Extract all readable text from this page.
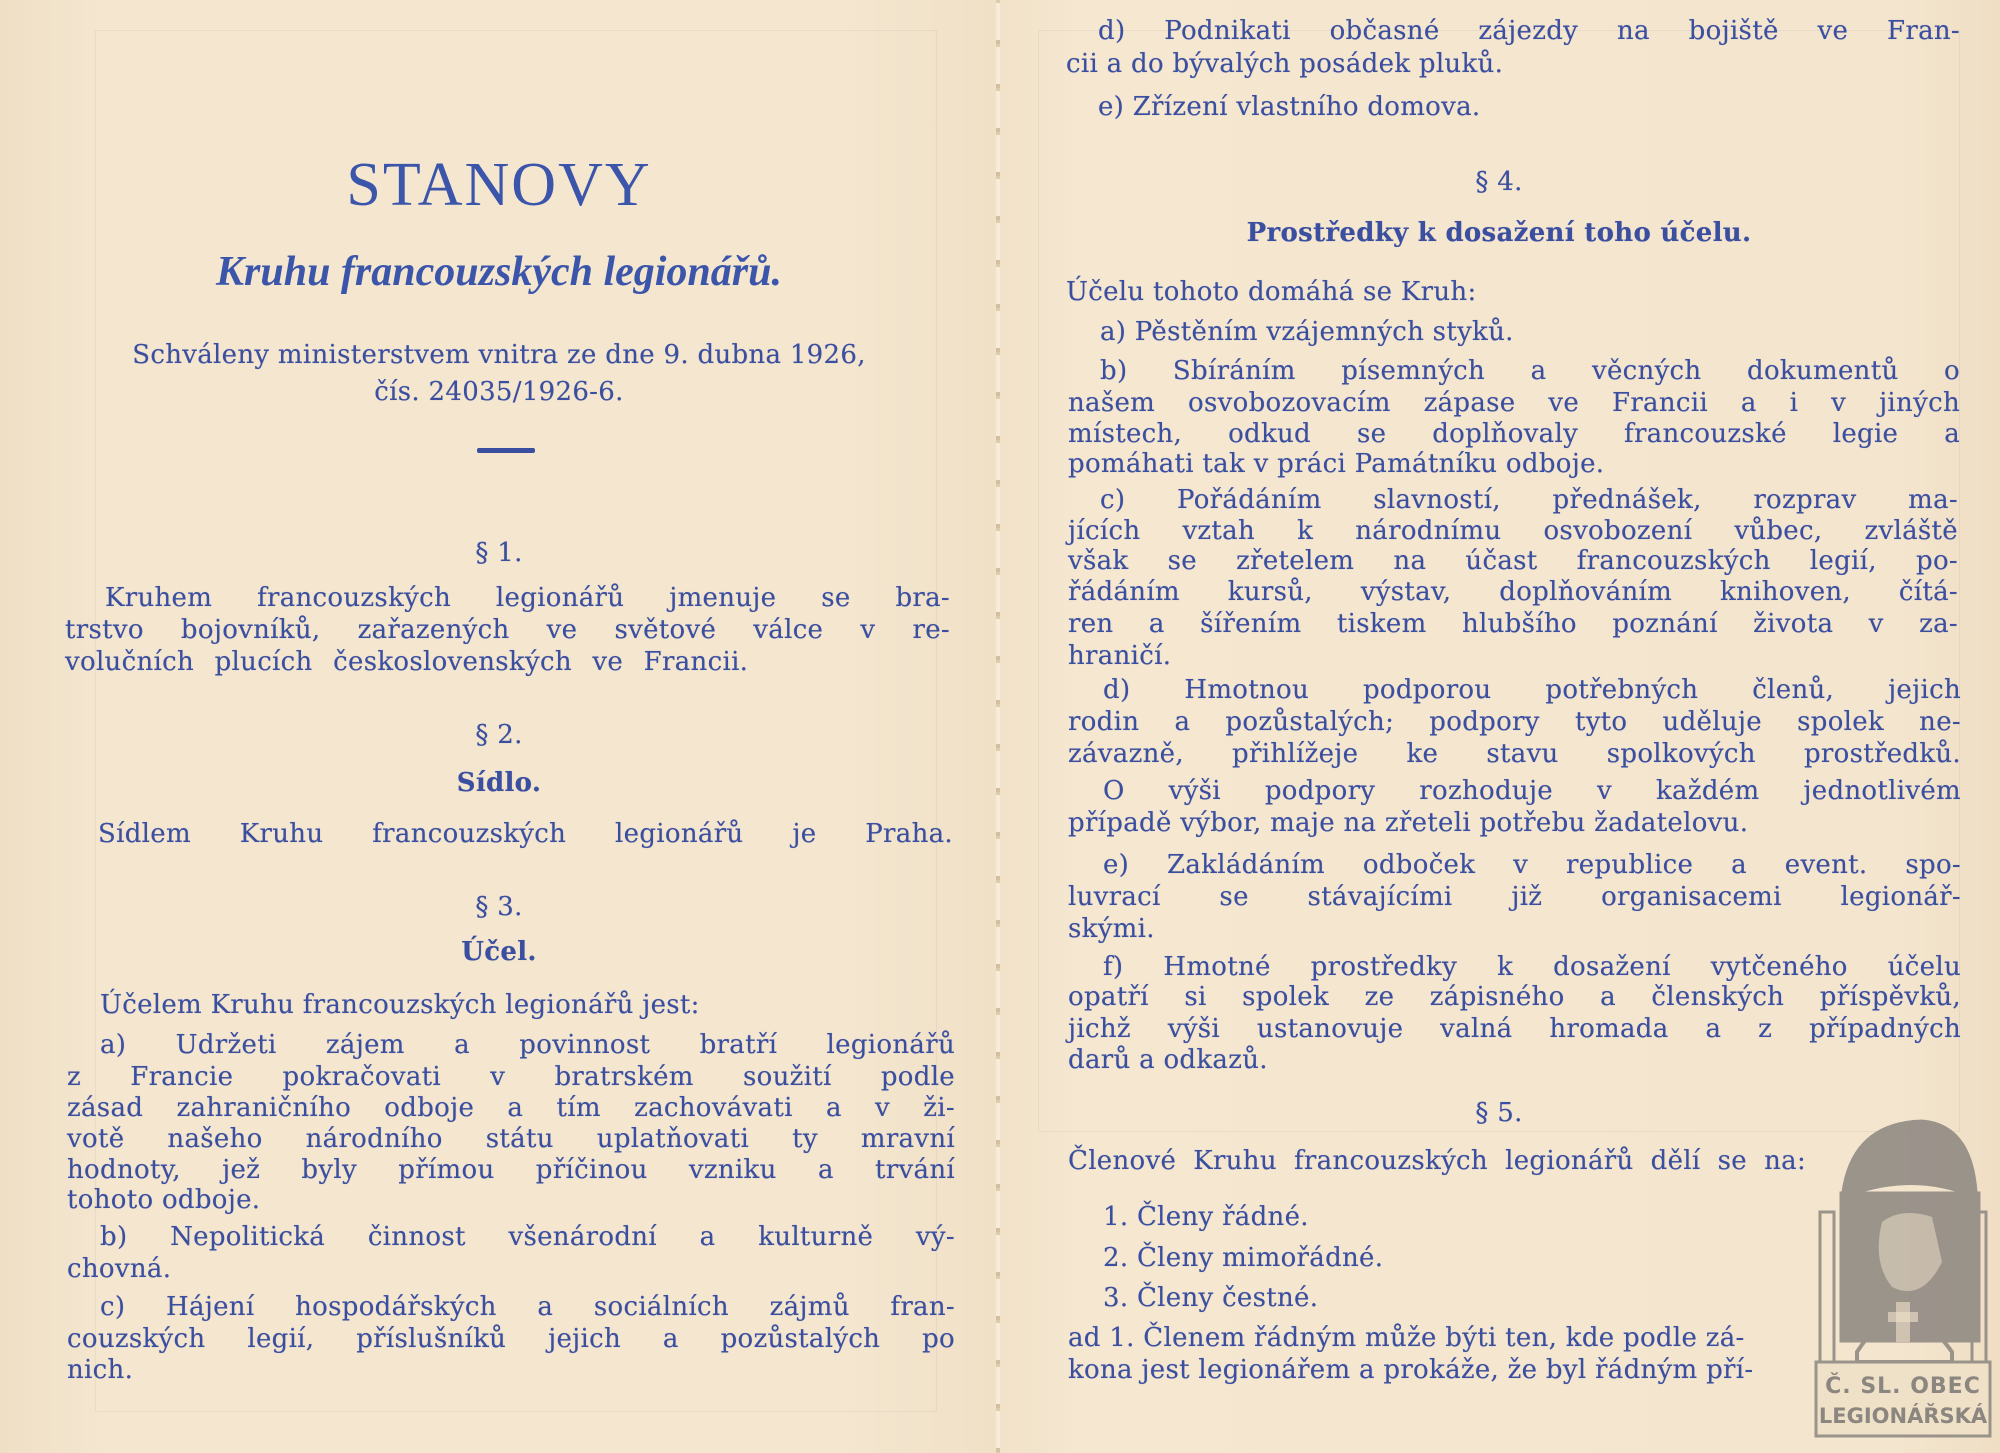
STANOVY
Kruhu francouzských legionářů.
Schváleny ministerstvem vnitra ze dne 9. dubna 1926,
čís. 24035/1926-6.
§ 1.
Kruhem francouzských legionářů jmenuje se bra-
trstvo bojovníků, zařazených ve světové válce v re-
volučních plucích československých ve Francii.
§ 2.
Sídlo.
Sídlem Kruhu francouzských legionářů je Praha.
§ 3.
Účel.
Účelem Kruhu francouzských legionářů jest:
a) Udržeti zájem a povinnost bratří legionářů
z Francie pokračovati v bratrském soužití podle
zásad zahraničního odboje a tím zachovávati a v ži-
votě našeho národního státu uplatňovati ty mravní
hodnoty, jež byly přímou příčinou vzniku a trvání
tohoto odboje.
b) Nepolitická činnost všenárodní a kulturně vý-
chovná.
c) Hájení hospodářských a sociálních zájmů fran-
couzských legií, příslušníků jejich a pozůstalých po
nich.
d) Podnikati občasné zájezdy na bojiště ve Fran-
cii a do bývalých posádek pluků.
e) Zřízení vlastního domova.
§ 4.
Prostředky k dosažení toho účelu.
Účelu tohoto domáhá se Kruh:
a) Pěstěním vzájemných styků.
b) Sbíráním písemných a věcných dokumentů o
našem osvobozovacím zápase ve Francii a i v jiných
místech, odkud se doplňovaly francouzské legie a
pomáhati tak v práci Památníku odboje.
c) Pořádáním slavností, přednášek, rozprav ma-
jících vztah k národnímu osvobození vůbec, zvláště
však se zřetelem na účast francouzských legií, po-
řádáním kursů, výstav, doplňováním knihoven, čítá-
ren a šířením tiskem hlubšího poznání života v za-
hraničí.
d) Hmotnou podporou potřebných členů, jejich
rodin a pozůstalých; podpory tyto uděluje spolek ne-
závazně, přihlížeje ke stavu spolkových prostředků.
O výši podpory rozhoduje v každém jednotlivém
případě výbor, maje na zřeteli potřebu žadatelovu.
e) Zakládáním odboček v republice a event. spo-
luvrací se stávajícími již organisacemi legionář-
skými.
f) Hmotné prostředky k dosažení vytčeného účelu
opatří si spolek ze zápisného a členských příspěvků,
jichž výši ustanovuje valná hromada a z případných
darů a odkazů.
§ 5.
Členové Kruhu francouzských legionářů dělí se na:
1. Členy řádné.
2. Členy mimořádné.
3. Členy čestné.
ad 1. Členem řádným může býti ten, kde podle zá-
kona jest legionářem a prokáže, že byl řádným pří-
Č. SL. OBEC
LEGIONÁŘSKÁ
